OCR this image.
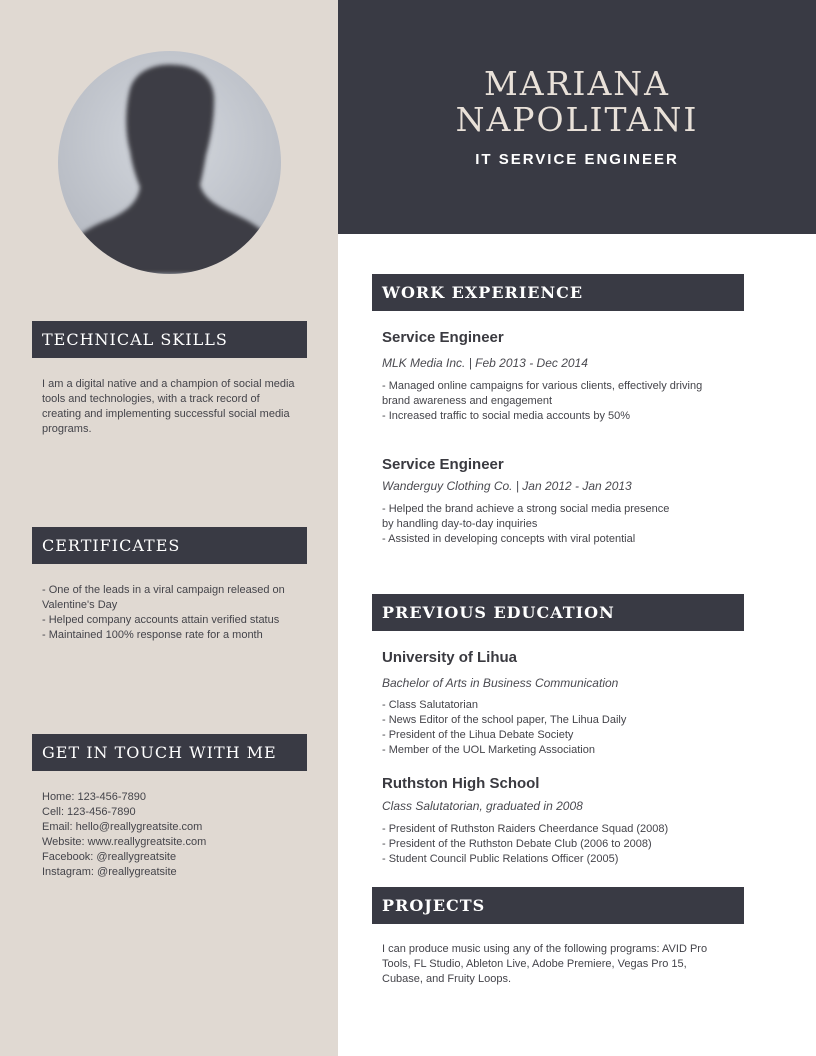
MARIANA
NAPOLITANI
IT SERVICE ENGINEER
TECHNICAL SKILLS
I am a digital native and a champion of social media
tools and technologies, with a track record of
creating and implementing successful social media
programs.
CERTIFICATES
- One of the leads in a viral campaign released on
Valentine's Day
- Helped company accounts attain verified status
- Maintained 100% response rate for a month
GET IN TOUCH WITH ME
Home: 123-456-7890
Cell: 123-456-7890
Email: hello@reallygreatsite.com
Website: www.reallygreatsite.com
Facebook: @reallygreatsite
Instagram: @reallygreatsite
WORK EXPERIENCE
Service Engineer
MLK Media Inc. | Feb 2013 - Dec 2014
- Managed online campaigns for various clients, effectively driving
brand awareness and engagement
- Increased traffic to social media accounts by 50%
Service Engineer
Wanderguy Clothing Co. | Jan 2012 - Jan 2013
- Helped the brand achieve a strong social media presence
by handling day-to-day inquiries
- Assisted in developing concepts with viral potential
PREVIOUS EDUCATION
University of Lihua
Bachelor of Arts in Business Communication
- Class Salutatorian
- News Editor of the school paper, The Lihua Daily
- President of the Lihua Debate Society
- Member of the UOL Marketing Association
Ruthston High School
Class Salutatorian, graduated in 2008
- President of Ruthston Raiders Cheerdance Squad (2008)
- President of the Ruthston Debate Club (2006 to 2008)
- Student Council Public Relations Officer (2005)
PROJECTS
I can produce music using any of the following programs: AVID Pro
Tools, FL Studio, Ableton Live, Adobe Premiere, Vegas Pro 15,
Cubase, and Fruity Loops.
